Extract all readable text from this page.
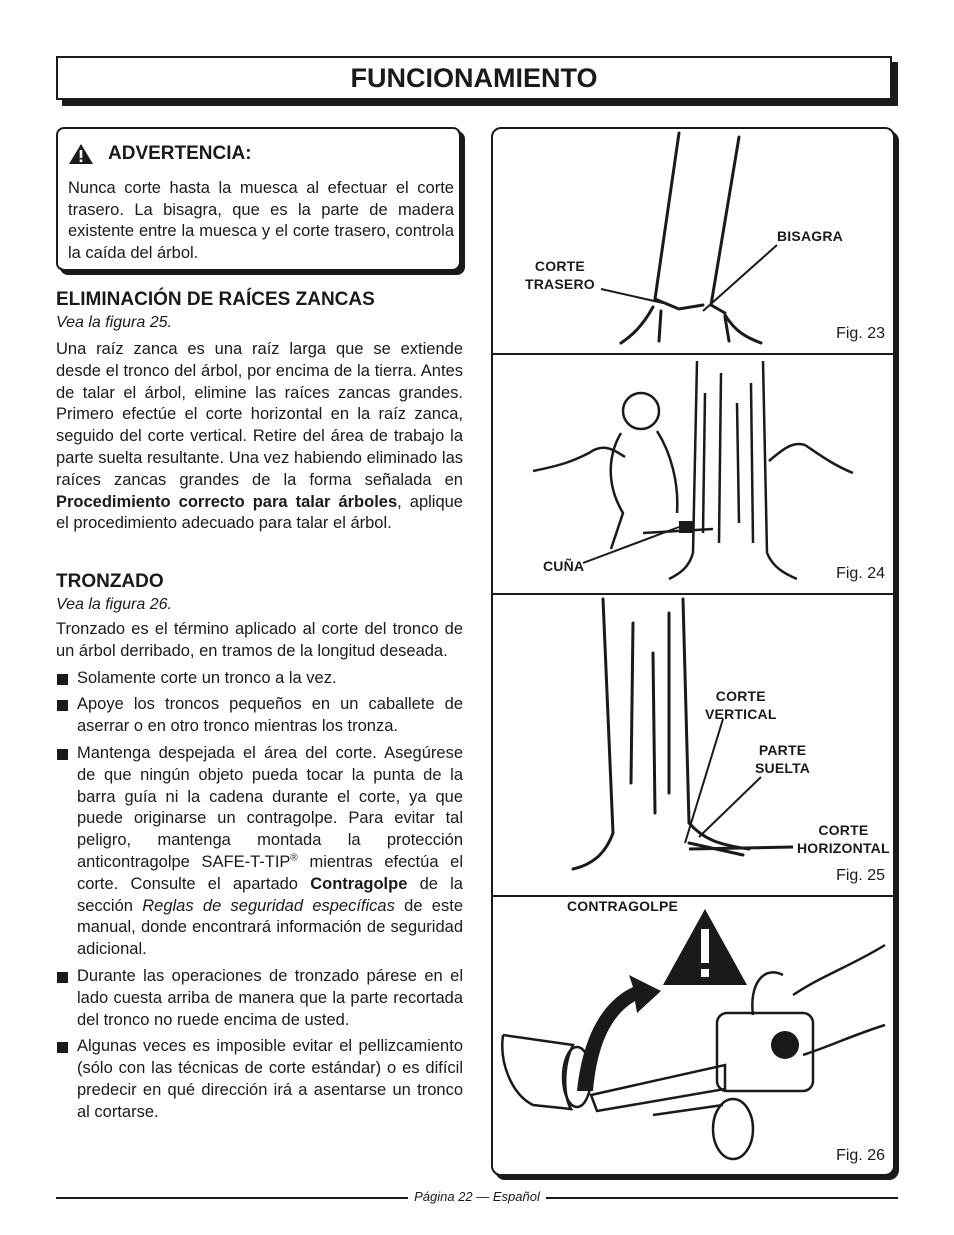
FUNCIONAMIENTO
ADVERTENCIA:
Nunca corte hasta la muesca al efectuar el corte trasero. La bisagra, que es la parte de madera existente entre la muesca y el corte trasero, controla la caída del árbol.
ELIMINACIÓN DE RAÍCES ZANCAS

Vea la figura 25.

Una raíz zanca es una raíz larga que se extiende desde el tronco del árbol, por encima de la tierra. Antes de talar el árbol, elimine las raíces zancas grandes. Primero efectúe el corte horizontal en la raíz zanca, seguido del corte vertical. Retire del área de trabajo la parte suelta resultante. Una vez habiendo eliminado las raíces zancas grandes de la forma señalada en Procedimiento correcto para talar árboles, aplique el procedimiento adecuado para talar el árbol.

TRONZADO

Vea la figura 26.

Tronzado es el término aplicado al corte del tronco de un árbol derribado, en tramos de la longitud deseada.

Solamente corte un tronco a la vez.
Apoye los troncos pequeños en un caballete de aserrar o en otro tronco mientras los tronza.
Mantenga despejada el área del corte. Asegúrese de que ningún objeto pueda tocar la punta de la barra guía ni la cadena durante el corte, ya que puede originarse un contragolpe. Para evitar tal peligro, mantenga montada la protección anticontragolpe SAFE-T-TIP® mientras efectúa el corte. Consulte el apartado Contragolpe de la sección Reglas de seguridad específicas de este manual, donde encontrará información de seguridad adicional.
Durante las operaciones de tronzado párese en el lado cuesta arriba de manera que la parte recortada del tronco no ruede encima de usted.
Algunas veces es imposible evitar el pellizcamiento (sólo con las técnicas de corte estándar) o es difícil predecir en qué dirección irá a asentarse un tronco al cortarse.
CORTE
TRASERO
BISAGRA
Fig. 23
CUÑA	Fig. 24
CORTE
VERTICAL
PARTE
SUELTA
CORTE
HORIZONTAL
Fig. 25
CONTRAGOLPE
Fig. 26
Página 22 — Español
